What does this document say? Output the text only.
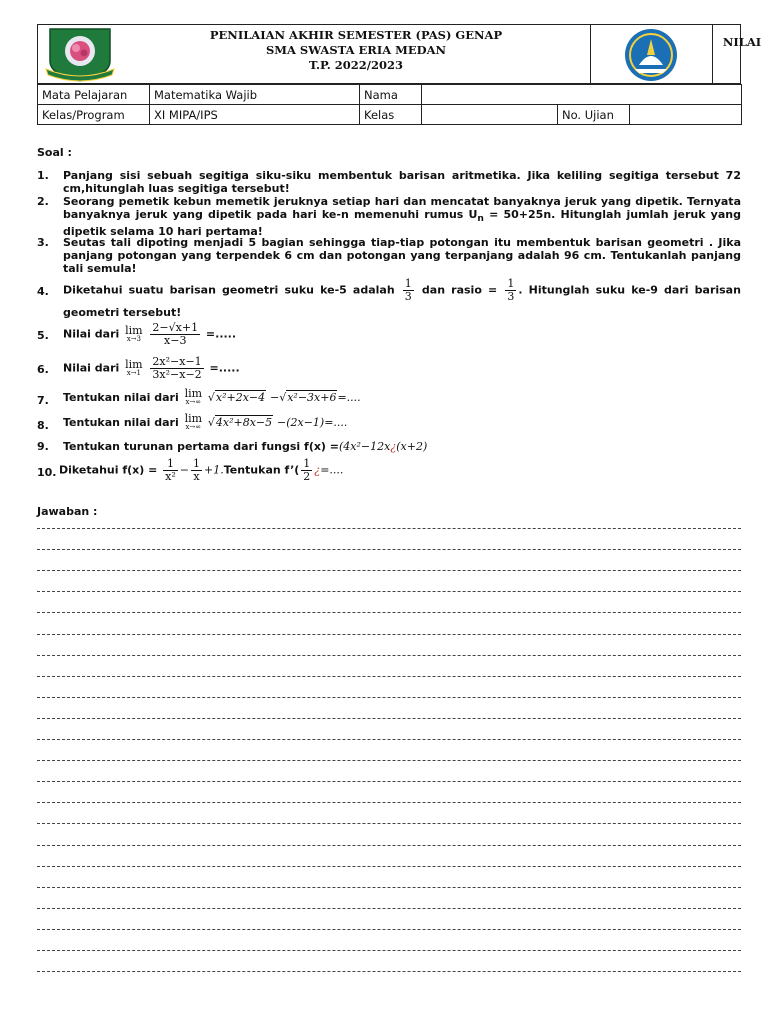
PENILAIAN AKHIR SEMESTER (PAS) GENAP
SMA SWASTA ERIA MEDAN
T.P. 2022/2023
NILAI
Mata Pelajaran	Matematika Wajib	Nama			
Kelas/Program	XI MIPA/IPS	Kelas		No. Ujian	
Soal :
1. Panjang sisi sebuah segitiga siku-siku membentuk barisan aritmetika. Jika keliling segitiga tersebut 72 cm,hitunglah luas segitiga tersebut!
2. Seorang pemetik kebun memetik jeruknya setiap hari dan mencatat banyaknya jeruk yang dipetik. Ternyata banyaknya jeruk yang dipetik pada hari ke-n memenuhi rumus $U_n = 50+25n$. Hitunglah jumlah jeruk yang dipetik selama 10 hari pertama!
3. Seutas tali dipoting menjadi 5 bagian sehingga tiap-tiap potongan itu membentuk barisan geometri . Jika panjang potongan yang terpendek 6 cm dan potongan yang terpanjang adalah 96 cm. Tentukanlah panjang tali semula!
4. Diketahui suatu barisan geometri suku ke-5 adalah $\frac{1}{3}$ dan rasio = $\frac{1}{3}$ . Hitunglah suku ke-9 dari barisan geometri tersebut!
5. Nilai dari lim
x→3
$\frac{2-√x+1}{x-3}$ =.....
6. Nilai dari lim
x→1
$\frac{\text{2x²−x−1}}{\text{3x²−x−2}}$ =.....
7. Tentukan nilai dari lim
x→∞ √x²+2x−4 −√x²−3x+6=....
8. Tentukan nilai dari lim
x→∞ √4x²+8x−5 −(2x−1)=....
9. Tentukan turunan pertama dari fungsi f(x) =(4x²−12x¿(x+2)
10. Diketahui $f(x) = \frac{1}{\text{x²}} - \frac{1}{x}$ +1.Tentukan f’( $\frac{1}{2}$ ¿=....
Jawaban :
